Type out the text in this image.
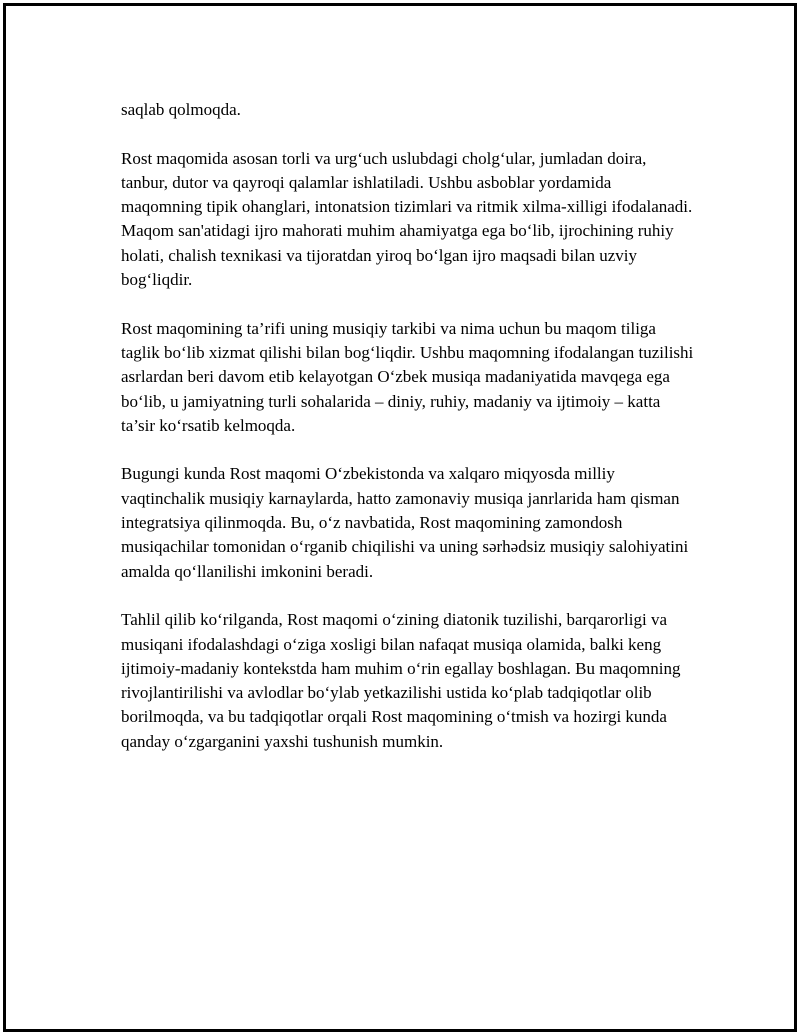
saqlab qolmoqda.

Rost maqomida asosan torli va urg‘uch uslubdagi cholg‘ular, jumladan doira, tanbur, dutor va qayroqi qalamlar ishlatiladi. Ushbu asboblar yordamida maqomning tipik ohanglari, intonatsion tizimlari va ritmik xilma-xilligi ifodalanadi. Maqom san'atidagi ijro mahorati muhim ahamiyatga ega bo‘lib, ijrochining ruhiy holati, chalish texnikasi va tijoratdan yiroq bo‘lgan ijro maqsadi bilan uzviy bog‘liqdir.

Rost maqomining ta’rifi uning musiqiy tarkibi va nima uchun bu maqom tiliga taglik bo‘lib xizmat qilishi bilan bog‘liqdir. Ushbu maqomning ifodalangan tuzilishi asrlardan beri davom etib kelayotgan O‘zbek musiqa madaniyatida mavqega ega bo‘lib, u jamiyatning turli sohalarida – diniy, ruhiy, madaniy va ijtimoiy – katta ta’sir ko‘rsatib kelmoqda.

Bugungi kunda Rost maqomi O‘zbekistonda va xalqaro miqyosda milliy vaqtinchalik musiqiy karnaylarda, hatto zamonaviy musiqa janrlarida ham qisman integratsiya qilinmoqda. Bu, o‘z navbatida, Rost maqomining zamondosh musiqachilar tomonidan o‘rganib chiqilishi va uning sərhədsiz musiqiy salohiyatini amalda qo‘llanilishi imkonini beradi.

Tahlil qilib ko‘rilganda, Rost maqomi o‘zining diatonik tuzilishi, barqarorligi va musiqani ifodalashdagi o‘ziga xosligi bilan nafaqat musiqa olamida, balki keng ijtimoiy-madaniy kontekstda ham muhim o‘rin egallay boshlagan. Bu maqomning rivojlantirilishi va avlodlar bo‘ylab yetkazilishi ustida ko‘plab tadqiqotlar olib borilmoqda, va bu tadqiqotlar orqali Rost maqomining o‘tmish va hozirgi kunda qanday o‘zgarganini yaxshi tushunish mumkin.
